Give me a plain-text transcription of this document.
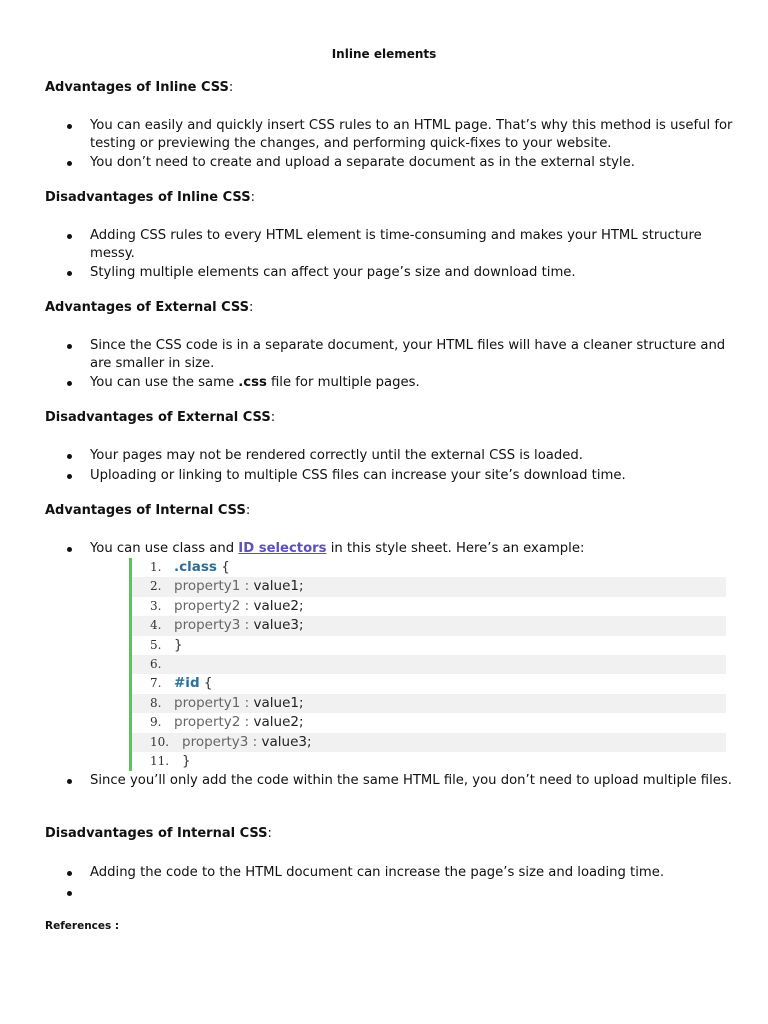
Inline elements
Advantages of Inline CSS:
You can easily and quickly insert CSS rules to an HTML page. That’s why this method is useful for testing or previewing the changes, and performing quick-fixes to your website.
You don’t need to create and upload a separate document as in the external style.
Disadvantages of Inline CSS:
Adding CSS rules to every HTML element is time-consuming and makes your HTML structure messy.
Styling multiple elements can affect your page’s size and download time.
Advantages of External CSS:
Since the CSS code is in a separate document, your HTML files will have a cleaner structure and are smaller in size.
You can use the same .css file for multiple pages.
Disadvantages of External CSS:
Your pages may not be rendered correctly until the external CSS is loaded.
Uploading or linking to multiple CSS files can increase your site’s download time.
Advantages of Internal CSS:
You can use class and ID selectors in this style sheet. Here’s an example:
1. .class {
2. property1 : value1;
3. property2 : value2;
4. property3 : value3;
5. }
6.
7. #id {
8. property1 : value1;
9. property2 : value2;
10. property3 : value3;
11. }
Since you’ll only add the code within the same HTML file, you don’t need to upload multiple files.
Disadvantages of Internal CSS:
Adding the code to the HTML document can increase the page’s size and loading time.
References :
